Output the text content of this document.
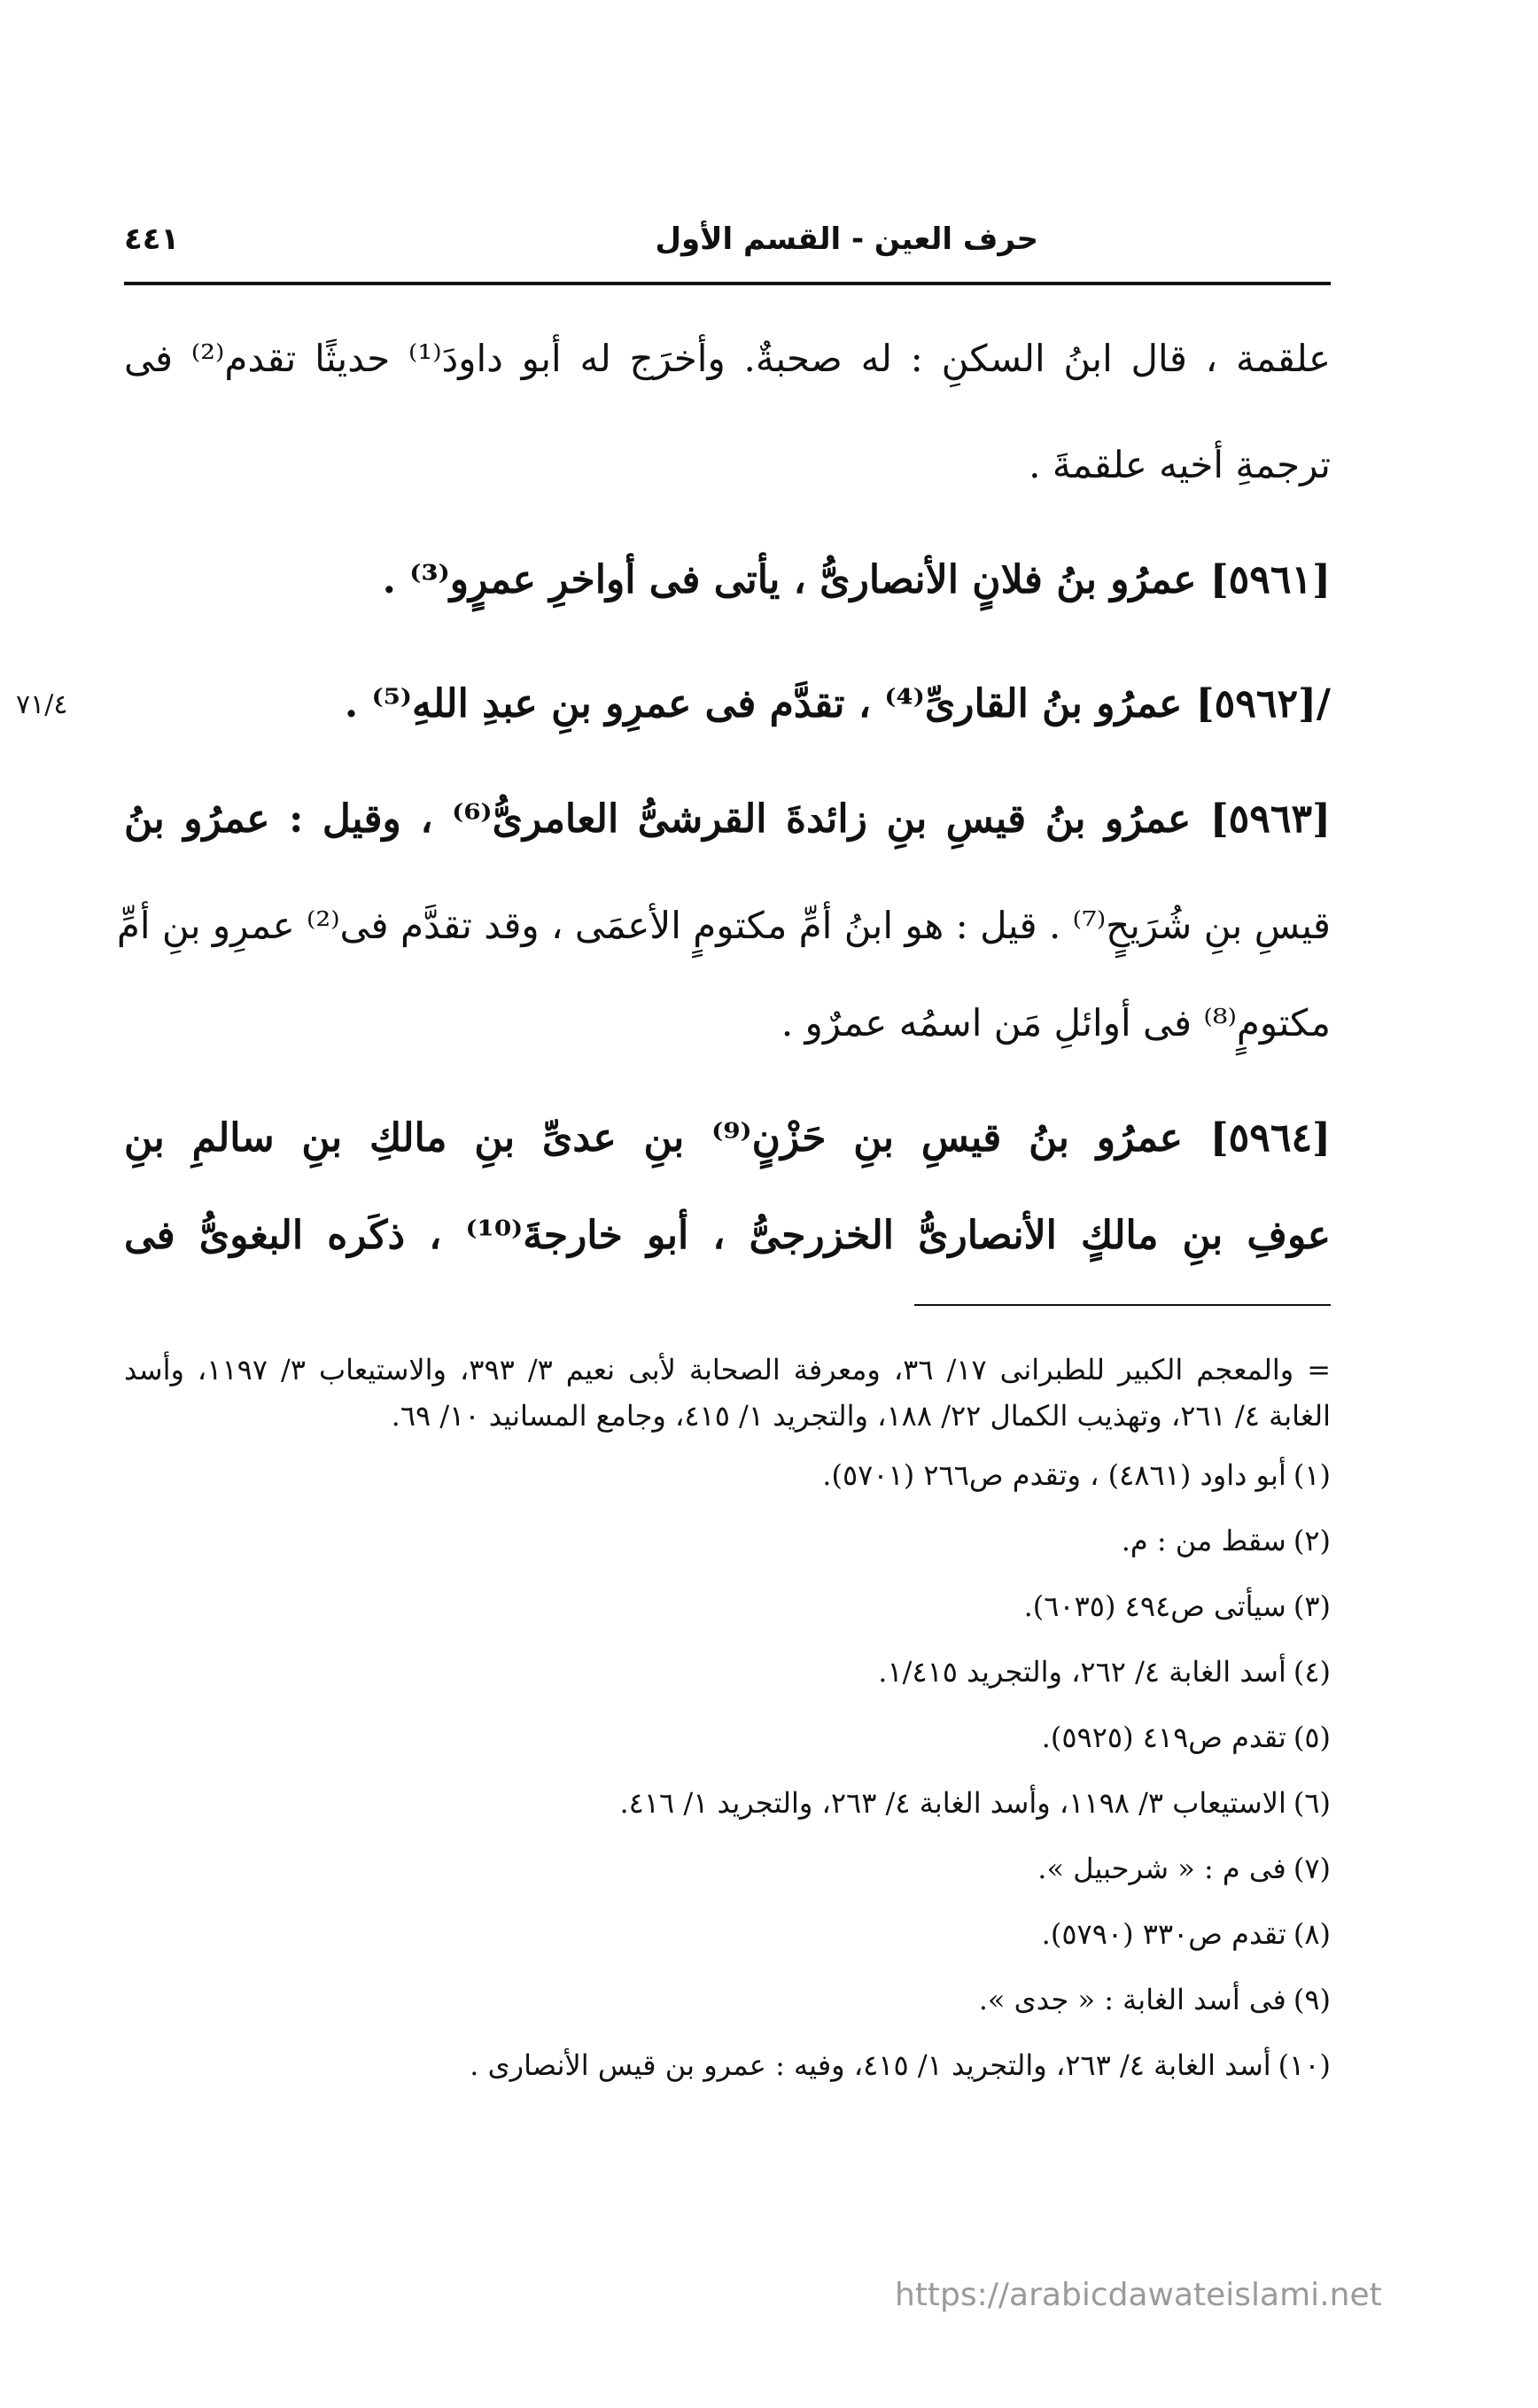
حرف العين - القسم الأول
٤٤١
٧١/٤
علقمة ، قال ابنُ السكنِ : له صحبةٌ. وأخرَج له أبو داودَ⁽¹⁾ حديثًا تقدم⁽²⁾ فى
ترجمةِ أخيه علقمةَ .
[٥٩٦١] عمرُو بنُ فلانٍ الأنصارىُّ ، يأتى فى أواخرِ عمرٍو⁽³⁾ .
/[٥٩٦٢] عمرُو بنُ القارىِّ⁽⁴⁾ ، تقدَّم فى عمرِو بنِ عبدِ اللهِ⁽⁵⁾ .
[٥٩٦٣] عمرُو بنُ قيسِ بنِ زائدةَ القرشىُّ العامرىُّ⁽⁶⁾ ، وقيل : عمرُو بنُ
قيسِ بنِ شُرَيحٍ⁽⁷⁾ . قيل : هو ابنُ أمِّ مكتومٍ الأعمَى ، وقد تقدَّم فى⁽²⁾ عمرِو بنِ أمِّ
مكتومٍ⁽⁸⁾ فى أوائلِ مَن اسمُه عمرٌو .
[٥٩٦٤] عمرُو بنُ قيسِ بنِ حَزْنٍ⁽⁹⁾ بنِ عدىِّ بنِ مالكِ بنِ سالمِ بنِ
عوفِ بنِ مالكٍ الأنصارىُّ الخزرجىُّ ، أبو خارجةَ⁽¹⁰⁾ ، ذكَره البغوىُّ فى

= والمعجم الكبير للطبرانى ١٧/ ٣٦، ومعرفة الصحابة لأبى نعيم ٣/ ٣٩٣، والاستيعاب ٣/ ١١٩٧، وأسد الغابة ٤/ ٢٦١، وتهذيب الكمال ٢٢/ ١٨٨، والتجريد ١/ ٤١٥، وجامع المسانيد ١٠/ ٦٩.

(١)أبو داود (٤٨٦١) ، وتقدم ص٢٦٦ (٥٧٠١).
(٢)سقط من : م.
(٣)سيأتى ص٤٩٤ (٦٠٣٥).
(٤)أسد الغابة ٤/ ٢٦٢، والتجريد ١/٤١٥.
(٥)تقدم ص٤١٩ (٥٩٢٥).
(٦)الاستيعاب ٣/ ١١٩٨، وأسد الغابة ٤/ ٢٦٣، والتجريد ١/ ٤١٦.
(٧)فى م : « شرحبيل ».
(٨)تقدم ص٣٣٠ (٥٧٩٠).
(٩)فى أسد الغابة : « جدى ».
(١٠)أسد الغابة ٤/ ٢٦٣، والتجريد ١/ ٤١٥، وفيه : عمرو بن قيس الأنصارى .
https://arabicdawateislami.net
